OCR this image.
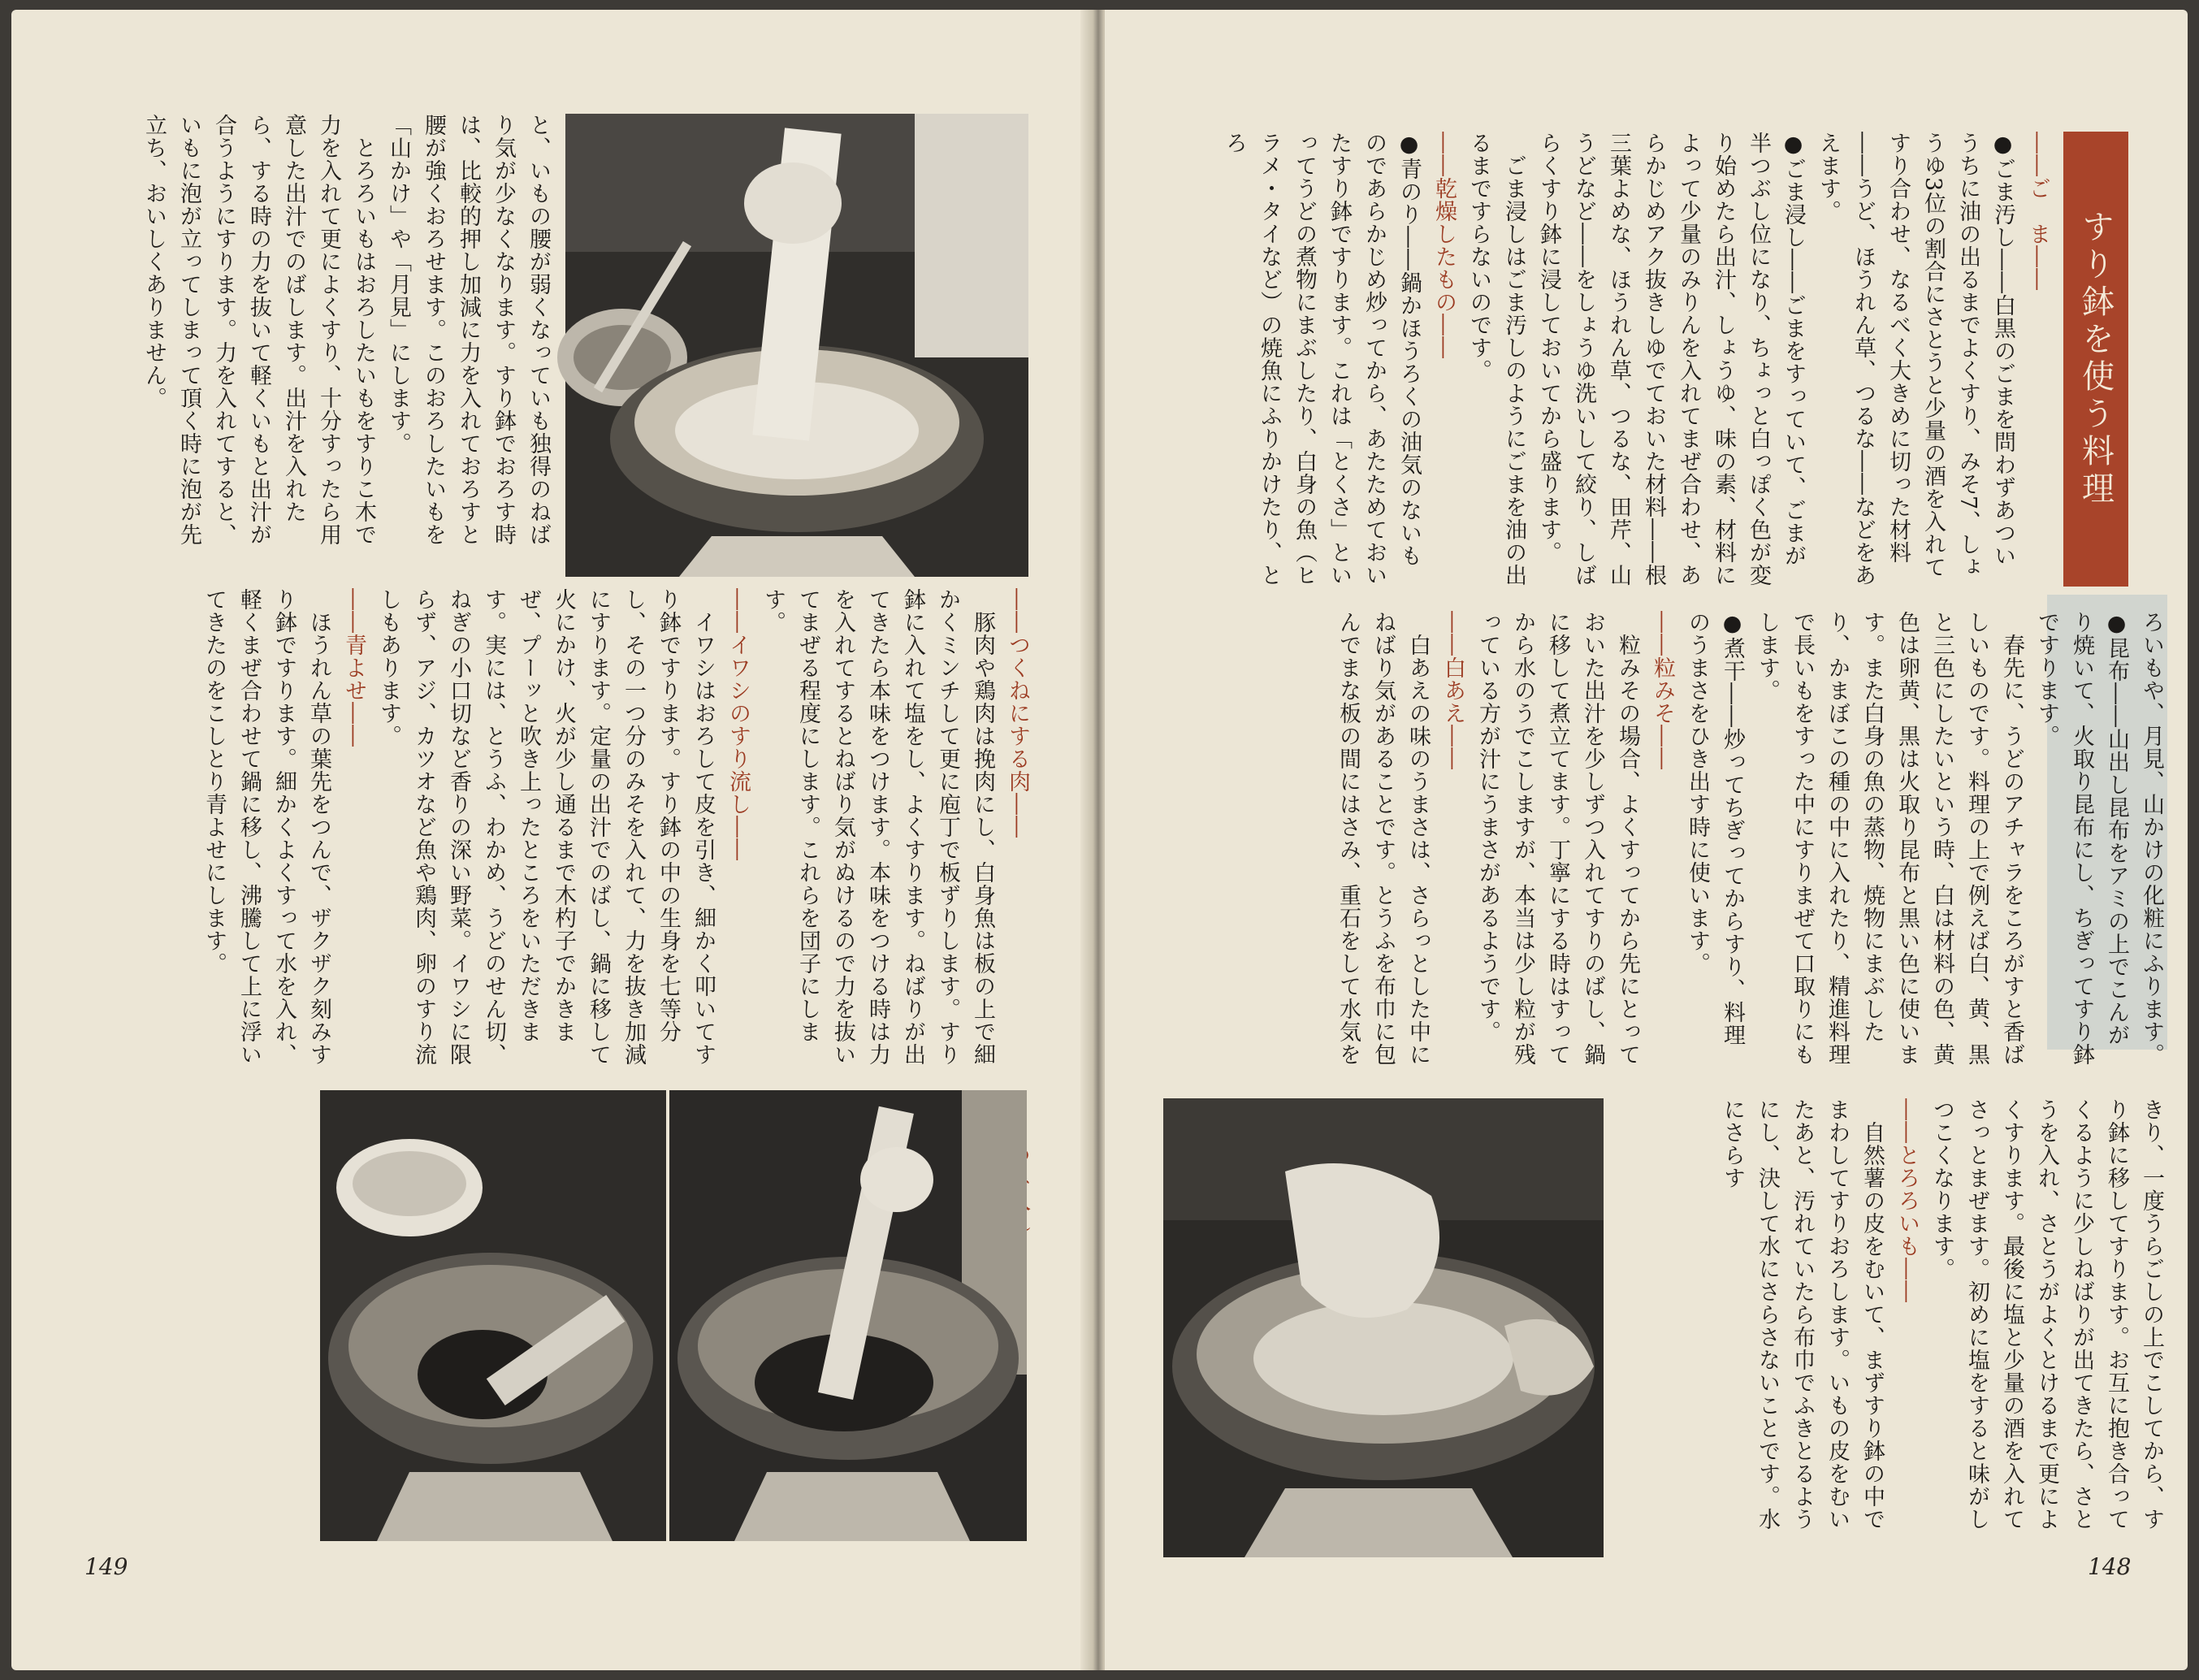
と、いもの腰が弱くなっていも独得のねばり気が少なくなります。すり鉢でおろす時は、比較的押し加減に力を入れておろすと腰が強くおろせます。このおろしたいもを「山かけ」や「月見」にします。

　とろろいもはおろしたいもをすりこ木で力を入れて更によくすり、十分すったら用意した出汁でのばします。出汁を入れたら、する時の力を抜いて軽くいもと出汁が合うようにすります。力を入れてすると、いもに泡が立ってしまって頂く時に泡が先立ち、おいしくありません。

――つくねにする肉――

　豚肉や鶏肉は挽肉にし、白身魚は板の上で細かくミンチして更に庖丁で板ずりします。すり鉢に入れて塩をし、よくすります。ねばりが出てきたら本味をつけます。本味をつける時は力を入れてするとねばり気がぬけるので力を抜いてまぜる程度にします。これらを団子にします。

――イワシのすり流し――

　イワシはおろして皮を引き、細かく叩いてすり鉢ですります。すり鉢の中の生身を七等分し、その一つ分のみそを入れて、力を抜き加減にすります。定量の出汁でのばし、鍋に移して火にかけ、火が少し通るまで木杓子でかきまぜ、プーッと吹き上ったところをいただきます。実には、とうふ、わかめ、うどのせん切、ねぎの小口切など香りの深い野菜。イワシに限らず、アジ、カツオなど魚や鶏肉、卵のすり流しもあります。

――青よせ――

　ほうれん草の葉先をつんで、ザクザク刻みすり鉢ですります。細かくよくすって水を入れ、軽くまぜ合わせて鍋に移し、沸騰して上に浮いてきたのをこしとり青よせにします。

149
すり鉢を使う料理

――ご　ま――

●ごま汚し――白黒のごまを問わずあついうちに油の出るまでよくすり、みそ7、しょうゆ3位の割合にさとうと少量の酒を入れてすり合わせ、なるべく大きめに切った材料――うど、ほうれん草、つるな――などをあえます。

●ごま浸し――ごまをすっていて、ごまが半つぶし位になり、ちょっと白っぽく色が変り始めたら出汁、しょうゆ、味の素、材料によって少量のみりんを入れてまぜ合わせ、あらかじめアク抜きしゆでておいた材料――根三葉よめな、ほうれん草、つるな、田芹、山うどなど――をしょうゆ洗いして絞り、しばらくすり鉢に浸しておいてから盛ります。

　ごま浸しはごま汚しのようにごまを油の出るまですらないのです。

――乾燥したもの――

●青のり――鍋かほうろくの油気のないものであらかじめ炒ってから、あたためておいたすり鉢ですります。これは「とくさ」といってうどの煮物にまぶしたり、白身の魚（ヒラメ・タイなど）の焼魚にふりかけたり、とろ

ろいもや、月見、山かけの化粧にふります。

●昆布――山出し昆布をアミの上でこんがり焼いて、火取り昆布にし、ちぎってすり鉢ですります。

　春先に、うどのアチャラをころがすと香ばしいものです。料理の上で例えば白、黄、黒と三色にしたいという時、白は材料の色、黄色は卵黄、黒は火取り昆布と黒い色に使います。また白身の魚の蒸物、焼物にまぶしたり、かまぼこの種の中に入れたり、精進料理で長いもをすった中にすりまぜて口取りにもします。

●煮干――炒ってちぎってからすり、料理のうまさをひき出す時に使います。

――粒みそ――

　粒みその場合、よくすってから先にとっておいた出汁を少しずつ入れてすりのばし、鍋に移して煮立てます。丁寧にする時はすってから水のうでこしますが、本当は少し粒が残っている方が汁にうまさがあるようです。

――白あえ――

　白あえの味のうまさは、さらっとした中にねばり気があることです。とうふを布巾に包んでまな板の間にはさみ、重石をして水気を

きり、一度うらごしの上でこしてから、すり鉢に移してすります。お互に抱き合ってくるように少しねばりが出てきたら、さとうを入れ、さとうがよくとけるまで更によくすります。最後に塩と少量の酒を入れてさっとまぜます。初めに塩をすると味がしつこくなります。

――とろろいも――

　自然薯の皮をむいて、まずすり鉢の中でまわしてすりおろします。いもの皮をむいたあと、汚れていたら布巾でふきとるようにし、決して水にさらさないことです。水にさらす

148
